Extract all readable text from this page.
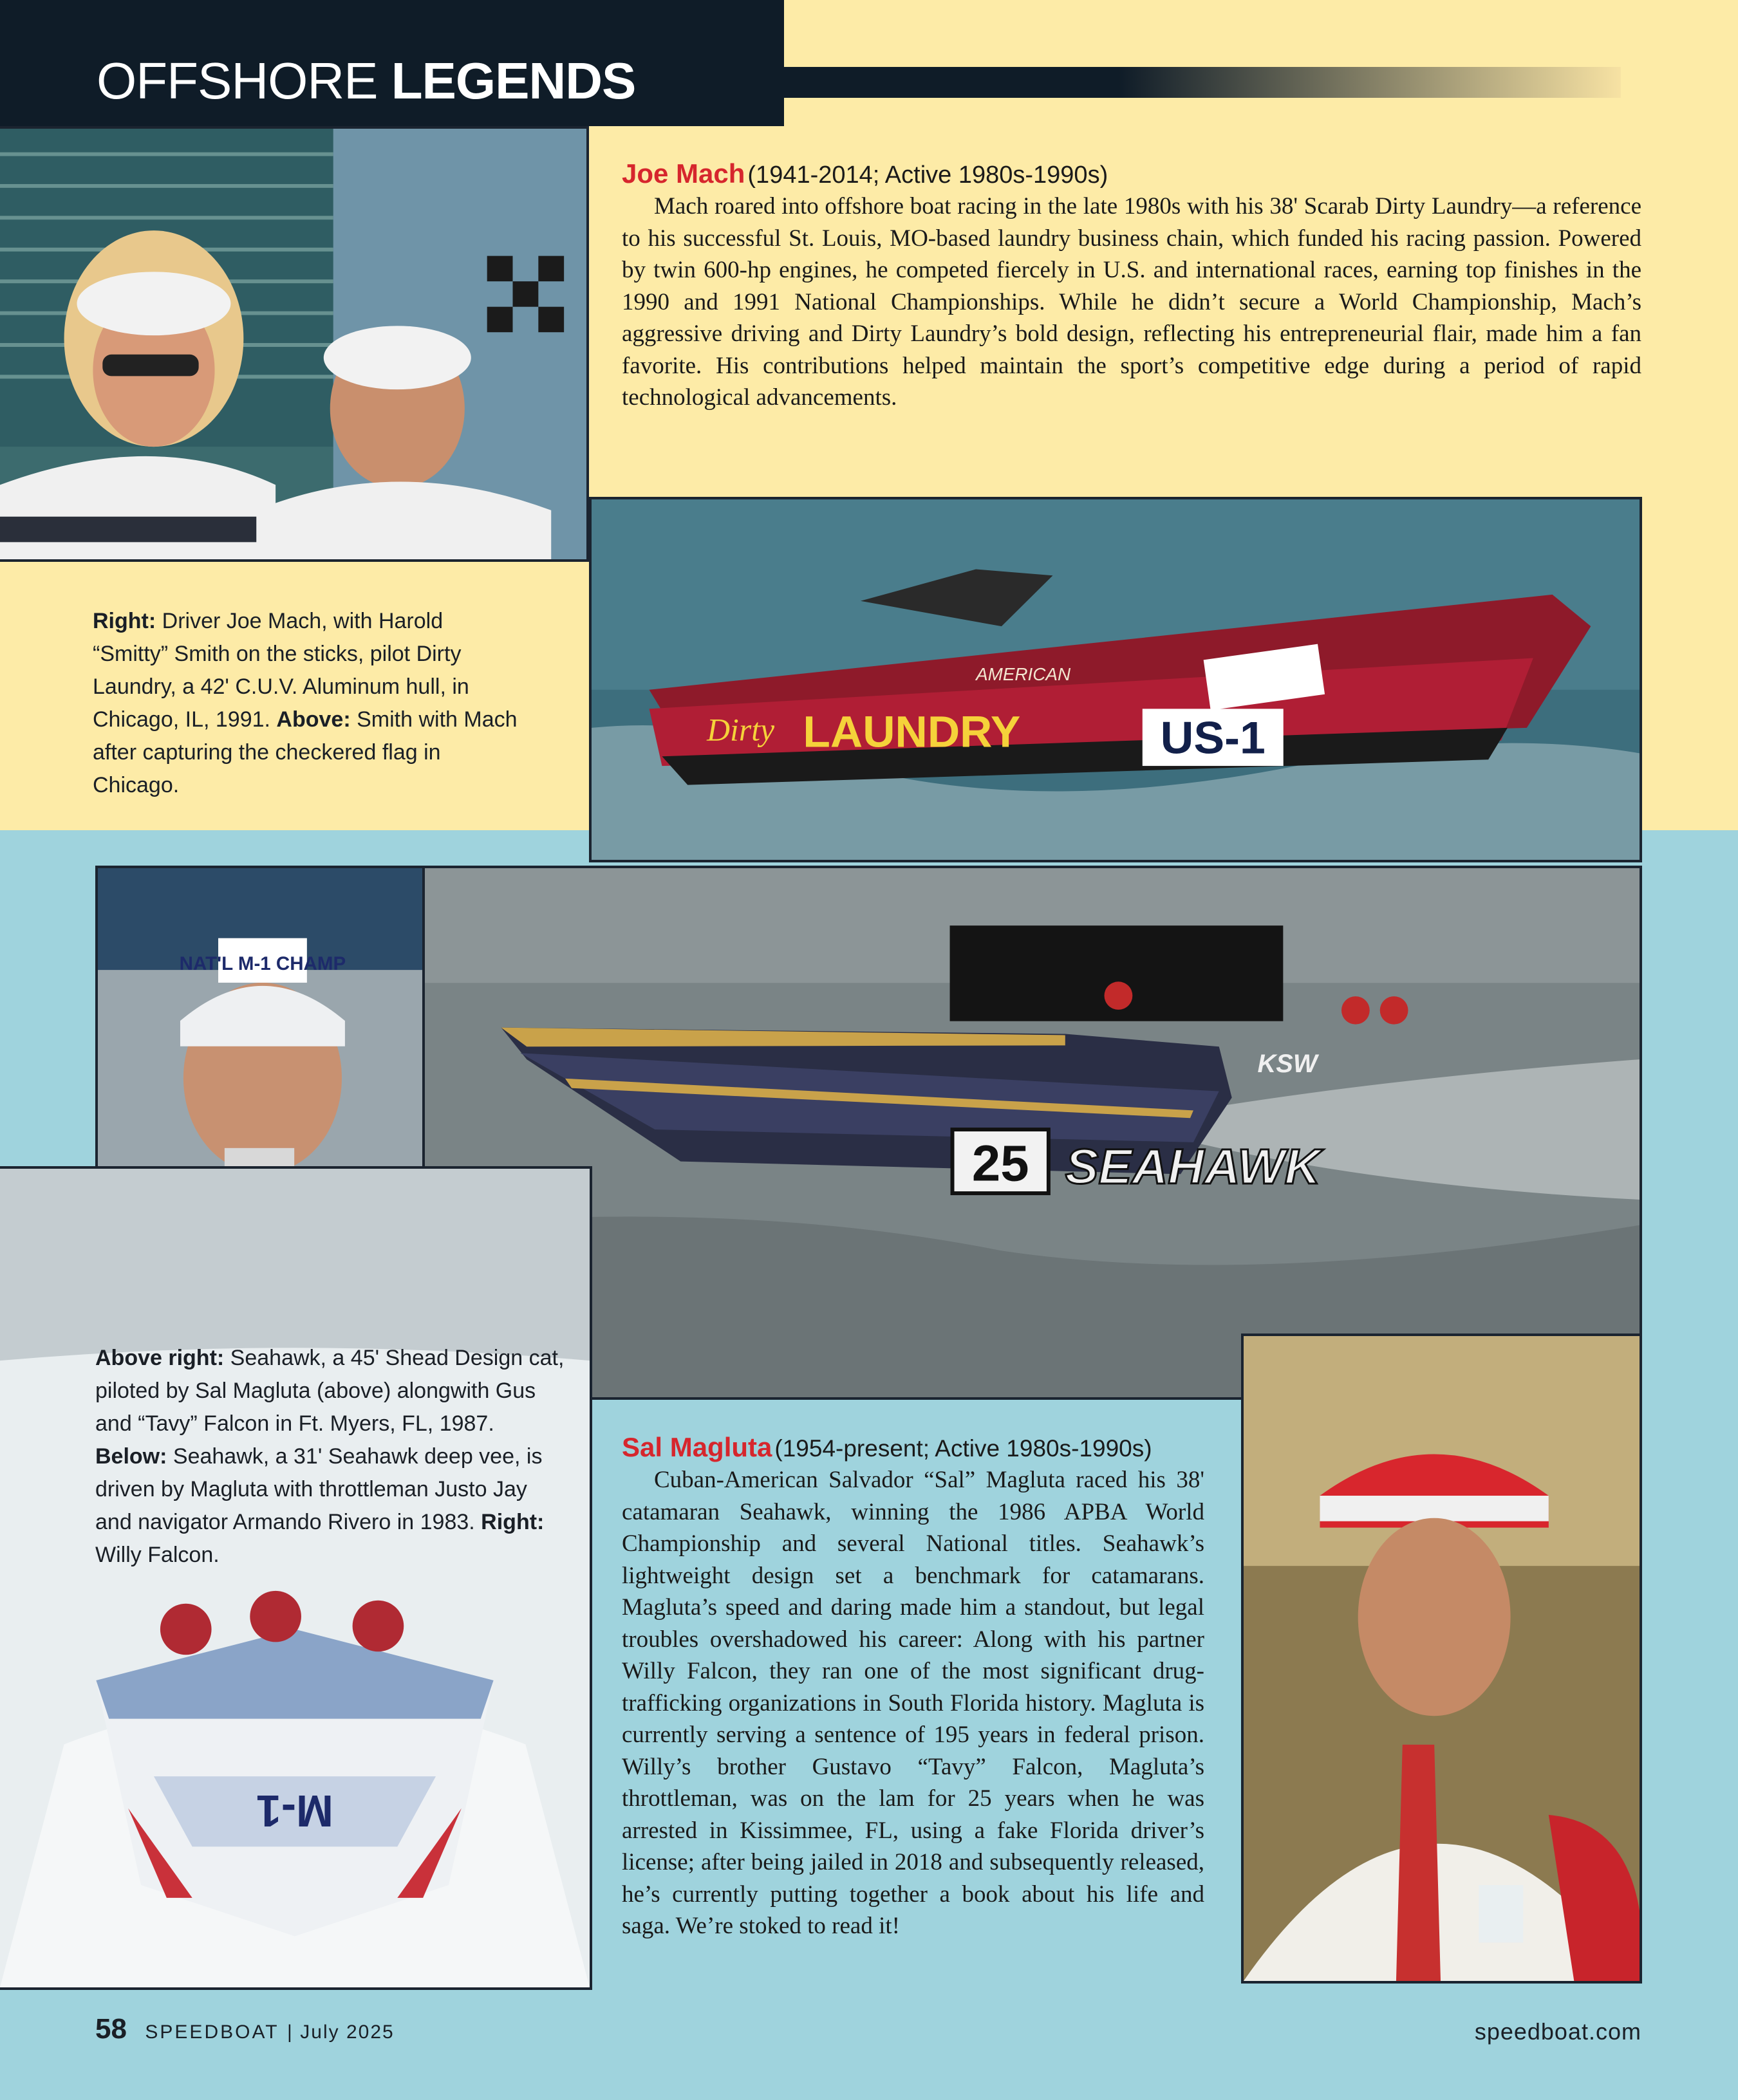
OFFSHORE LEGENDS
Joe Mach (1941-2014; Active 1980s-1990s)
Mach roared into offshore boat racing in the late 1980s with his 38' Scarab Dirty Laundry—a reference to his successful St. Louis, MO-based laundry business chain, which funded his racing passion. Powered by twin 600-hp engines, he competed fiercely in U.S. and international races, earning top finishes in the 1990 and 1991 National Championships. While he didn’t secure a World Championship, Mach’s aggressive driving and Dirty Laundry’s bold design, reflecting his entrepreneurial flair, made him a fan favorite. His contributions helped maintain the sport’s competitive edge during a period of rapid technological advancements.
Right: Driver Joe Mach, with Harold “Smitty” Smith on the sticks, pilot Dirty Laundry, a 42' C.U.V. Aluminum hull, in Chicago, IL, 1991. Above: Smith with Mach after capturing the checkered flag in Chicago.
US-1
Dirty LAUNDRY
AMERICAN
25 SEAHAWK
KSW
NAT'L M-1 CHAMP
M-1
Above right: Seahawk, a 45' Shead Design cat, piloted by Sal Magluta (above) alongwith Gus and “Tavy” Falcon in Ft. Myers, FL, 1987. Below: Seahawk, a 31' Seahawk deep vee, is driven by Magluta with throttleman Justo Jay and navigator Armando Rivero in 1983. Right: Willy Falcon.
Sal Magluta (1954-present; Active 1980s-1990s)
Cuban-American Salvador “Sal” Magluta raced his 38' catamaran Seahawk, winning the 1986 APBA World Championship and several National titles. Seahawk’s lightweight design set a benchmark for catamarans. Magluta’s speed and daring made him a standout, but legal troubles overshadowed his career: Along with his partner Willy Falcon, they ran one of the most significant drug-trafficking organizations in South Florida history. Magluta is currently serving a sentence of 195 years in federal prison. Willy’s brother Gustavo “Tavy” Falcon, Magluta’s throttleman, was on the lam for 25 years when he was arrested in Kissimmee, FL, using a fake Florida driver’s license; after being jailed in 2018 and subsequently released, he’s currently putting together a book about his life and saga. We’re stoked to read it!
58 SPEEDBOAT | July 2025	speedboat.com
